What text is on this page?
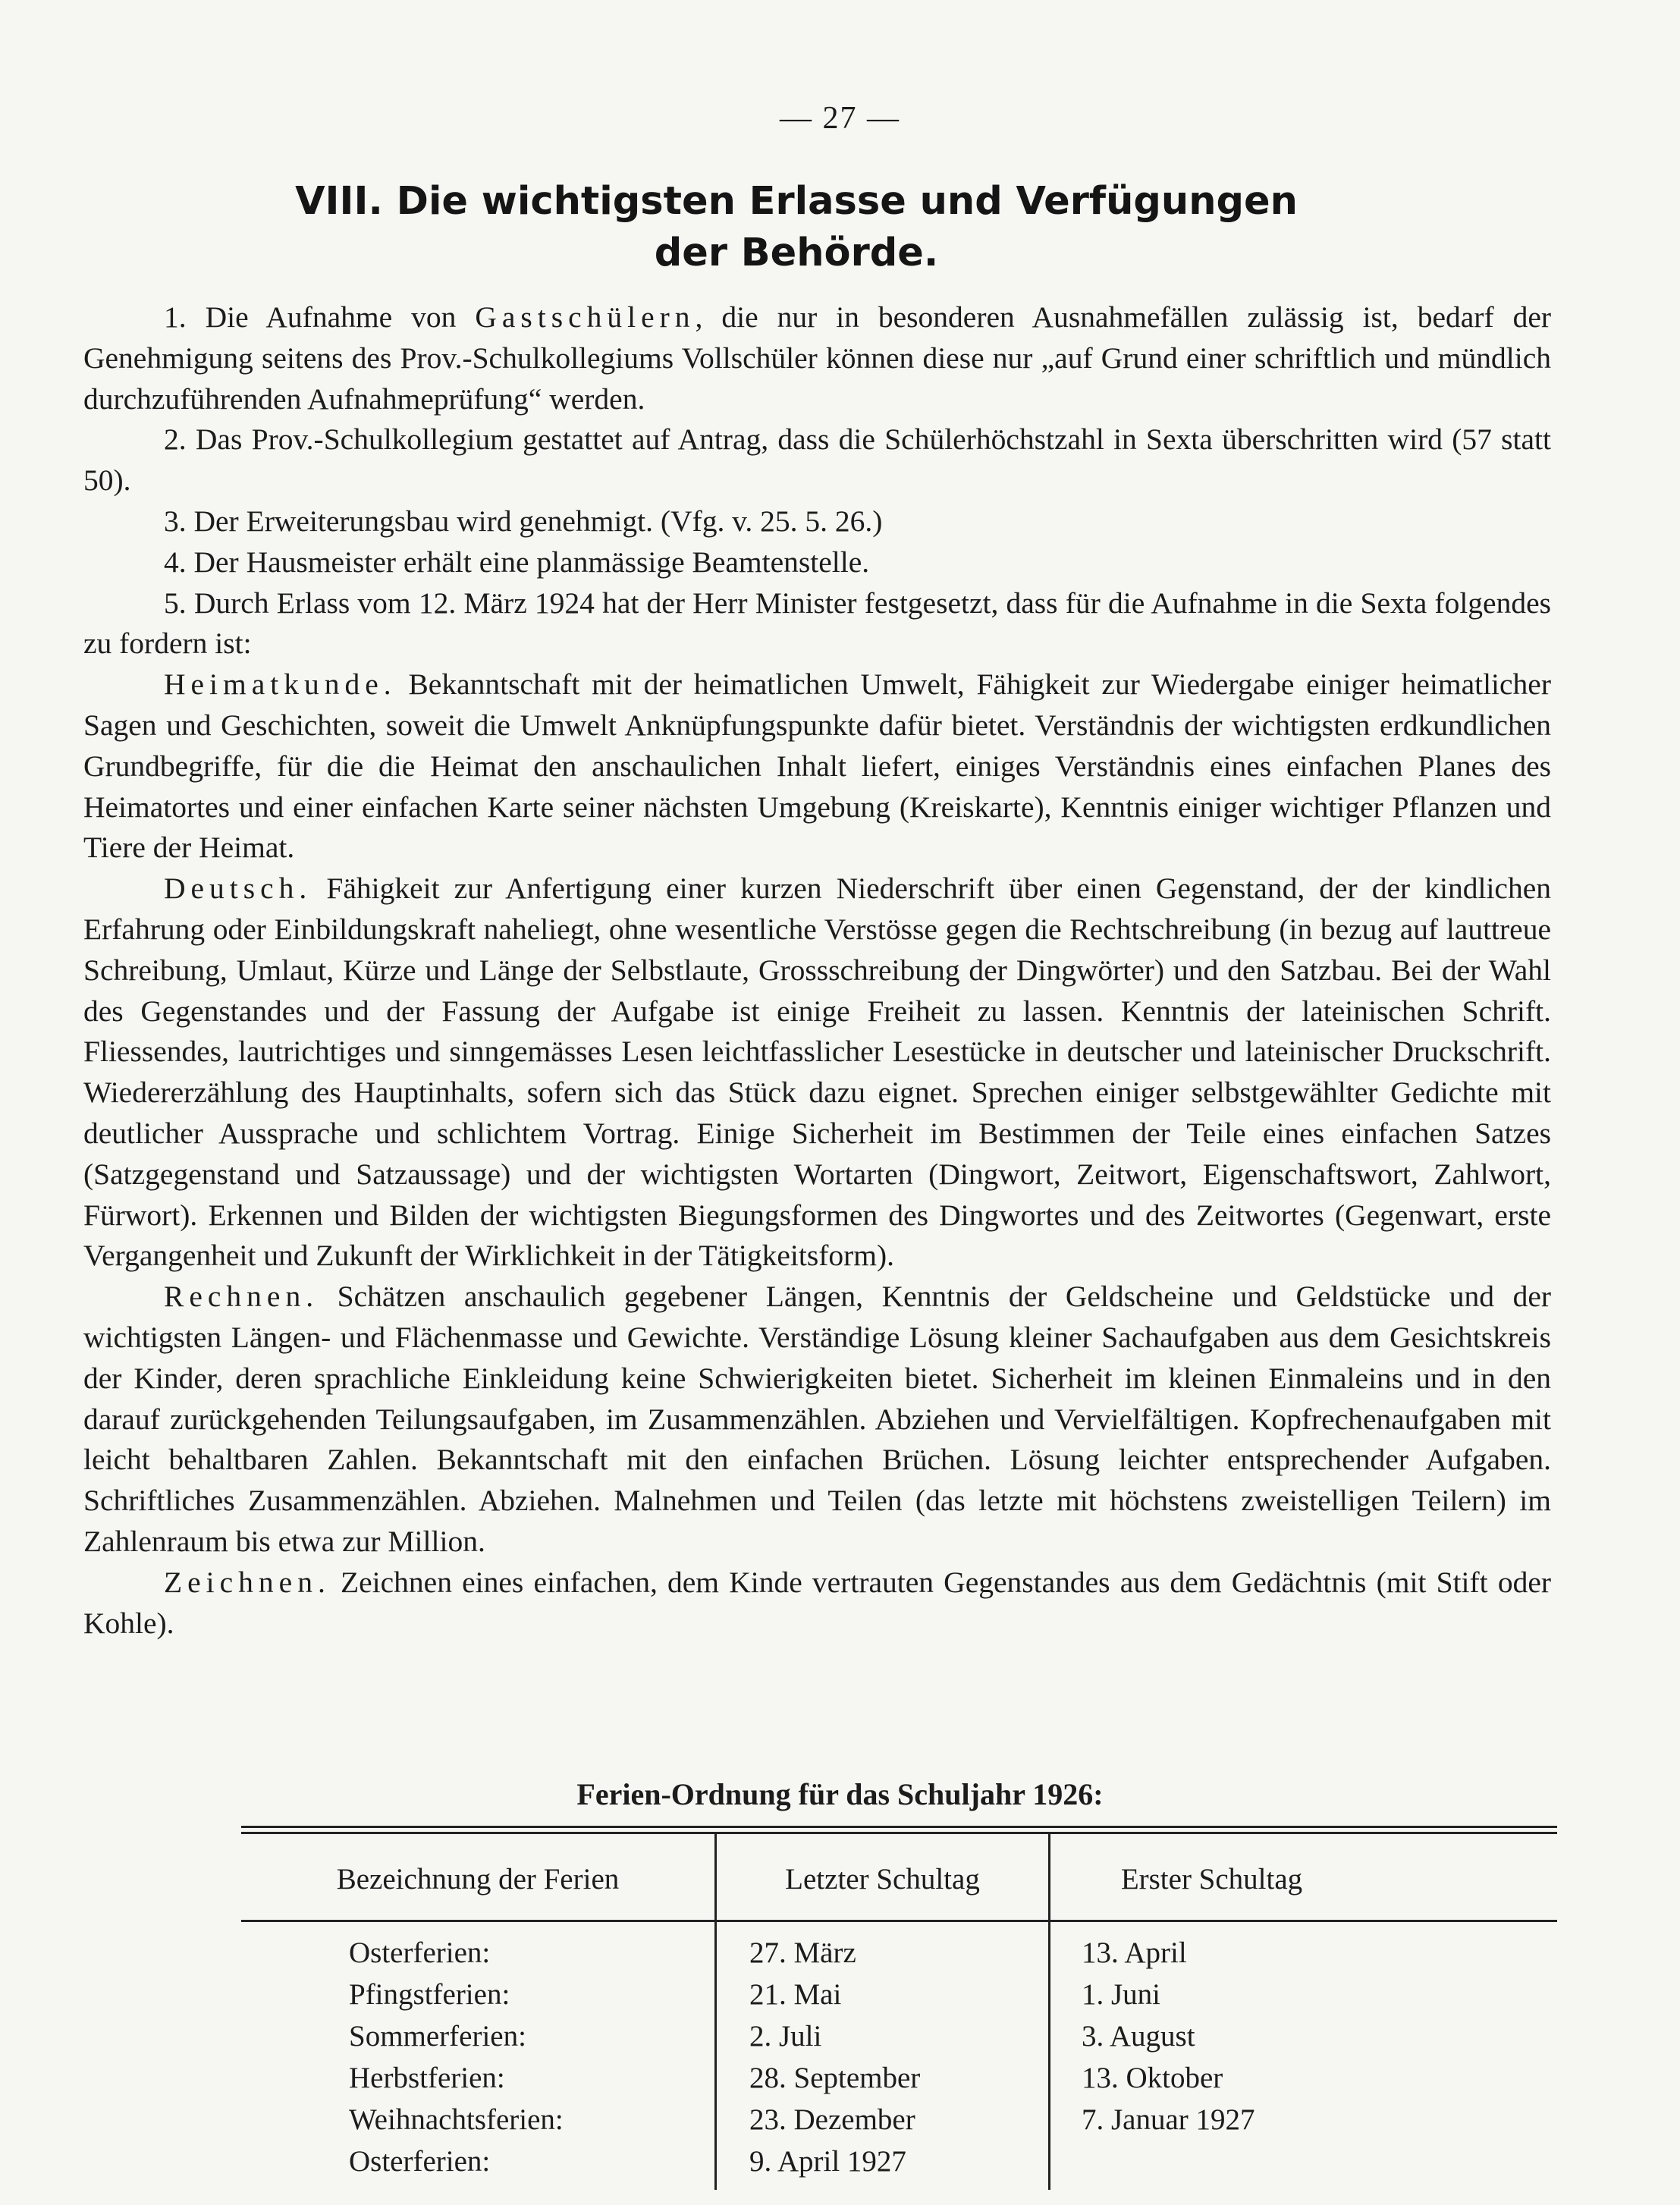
— 27 —
VIII. Die wichtigsten Erlasse und Verfügungen
der Behörde.

1. Die Aufnahme von Gastschülern, die nur in besonderen Ausnahmefällen zulässig ist, bedarf der Genehmigung seitens des Prov.-Schulkollegiums Vollschüler können diese nur „auf Grund einer schriftlich und mündlich durchzuführenden Aufnahmeprüfung“ werden.

2. Das Prov.-Schulkollegium gestattet auf Antrag, dass die Schülerhöchstzahl in Sexta überschritten wird (57 statt 50).

3. Der Erweiterungsbau wird genehmigt. (Vfg. v. 25. 5. 26.)

4. Der Hausmeister erhält eine planmässige Beamtenstelle.

5. Durch Erlass vom 12. März 1924 hat der Herr Minister festgesetzt, dass für die Aufnahme in die Sexta folgendes zu fordern ist:

Heimatkunde. Bekanntschaft mit der heimatlichen Umwelt, Fähigkeit zur Wiedergabe einiger heimatlicher Sagen und Geschichten, soweit die Umwelt Anknüpfungspunkte dafür bietet. Verständnis der wichtigsten erdkundlichen Grundbegriffe, für die die Heimat den anschaulichen Inhalt liefert, einiges Verständnis eines einfachen Planes des Heimatortes und einer einfachen Karte seiner nächsten Umgebung (Kreiskarte), Kenntnis einiger wichtiger Pflanzen und Tiere der Heimat.

Deutsch. Fähigkeit zur Anfertigung einer kurzen Niederschrift über einen Gegenstand, der der kindlichen Erfahrung oder Einbildungskraft naheliegt, ohne wesentliche Verstösse gegen die Rechtschreibung (in bezug auf lauttreue Schreibung, Umlaut, Kürze und Länge der Selbstlaute, Grossschreibung der Dingwörter) und den Satzbau. Bei der Wahl des Gegenstandes und der Fassung der Aufgabe ist einige Freiheit zu lassen. Kenntnis der lateinischen Schrift. Fliessendes, lautrichtiges und sinngemässes Lesen leichtfasslicher Lesestücke in deutscher und lateinischer Druckschrift. Wiedererzählung des Hauptinhalts, sofern sich das Stück dazu eignet. Sprechen einiger selbstgewählter Gedichte mit deutlicher Aussprache und schlichtem Vortrag. Einige Sicherheit im Bestimmen der Teile eines einfachen Satzes (Satzgegenstand und Satzaussage) und der wichtigsten Wortarten (Dingwort, Zeitwort, Eigenschaftswort, Zahlwort, Fürwort). Erkennen und Bilden der wichtigsten Biegungsformen des Dingwortes und des Zeitwortes (Gegenwart, erste Vergangenheit und Zukunft der Wirklichkeit in der Tätigkeitsform).

Rechnen. Schätzen anschaulich gegebener Längen, Kenntnis der Geldscheine und Geldstücke und der wichtigsten Längen- und Flächenmasse und Gewichte. Verständige Lösung kleiner Sachaufgaben aus dem Gesichtskreis der Kinder, deren sprachliche Einkleidung keine Schwierigkeiten bietet. Sicherheit im kleinen Einmaleins und in den darauf zurückgehenden Teilungsaufgaben, im Zusammenzählen. Abziehen und Vervielfältigen. Kopfrechenaufgaben mit leicht behaltbaren Zahlen. Bekanntschaft mit den einfachen Brüchen. Lösung leichter entsprechender Aufgaben. Schriftliches Zusammenzählen. Abziehen. Malnehmen und Teilen (das letzte mit höchstens zweistelligen Teilern) im Zahlenraum bis etwa zur Million.

Zeichnen. Zeichnen eines einfachen, dem Kinde vertrauten Gegenstandes aus dem Gedächtnis (mit Stift oder Kohle).

Ferien-Ordnung für das Schuljahr 1926:
Bezeichnung der Ferien	Letzter Schultag	Erster Schultag
Osterferien:
Pfingstferien:
Sommerferien:
Herbstferien:
Weihnachtsferien:
Osterferien:
27. März
21. Mai
2. Juli
28. September
23. Dezember
9. April 1927
13. April
1. Juni
3. August
13. Oktober
7. Januar 1927
